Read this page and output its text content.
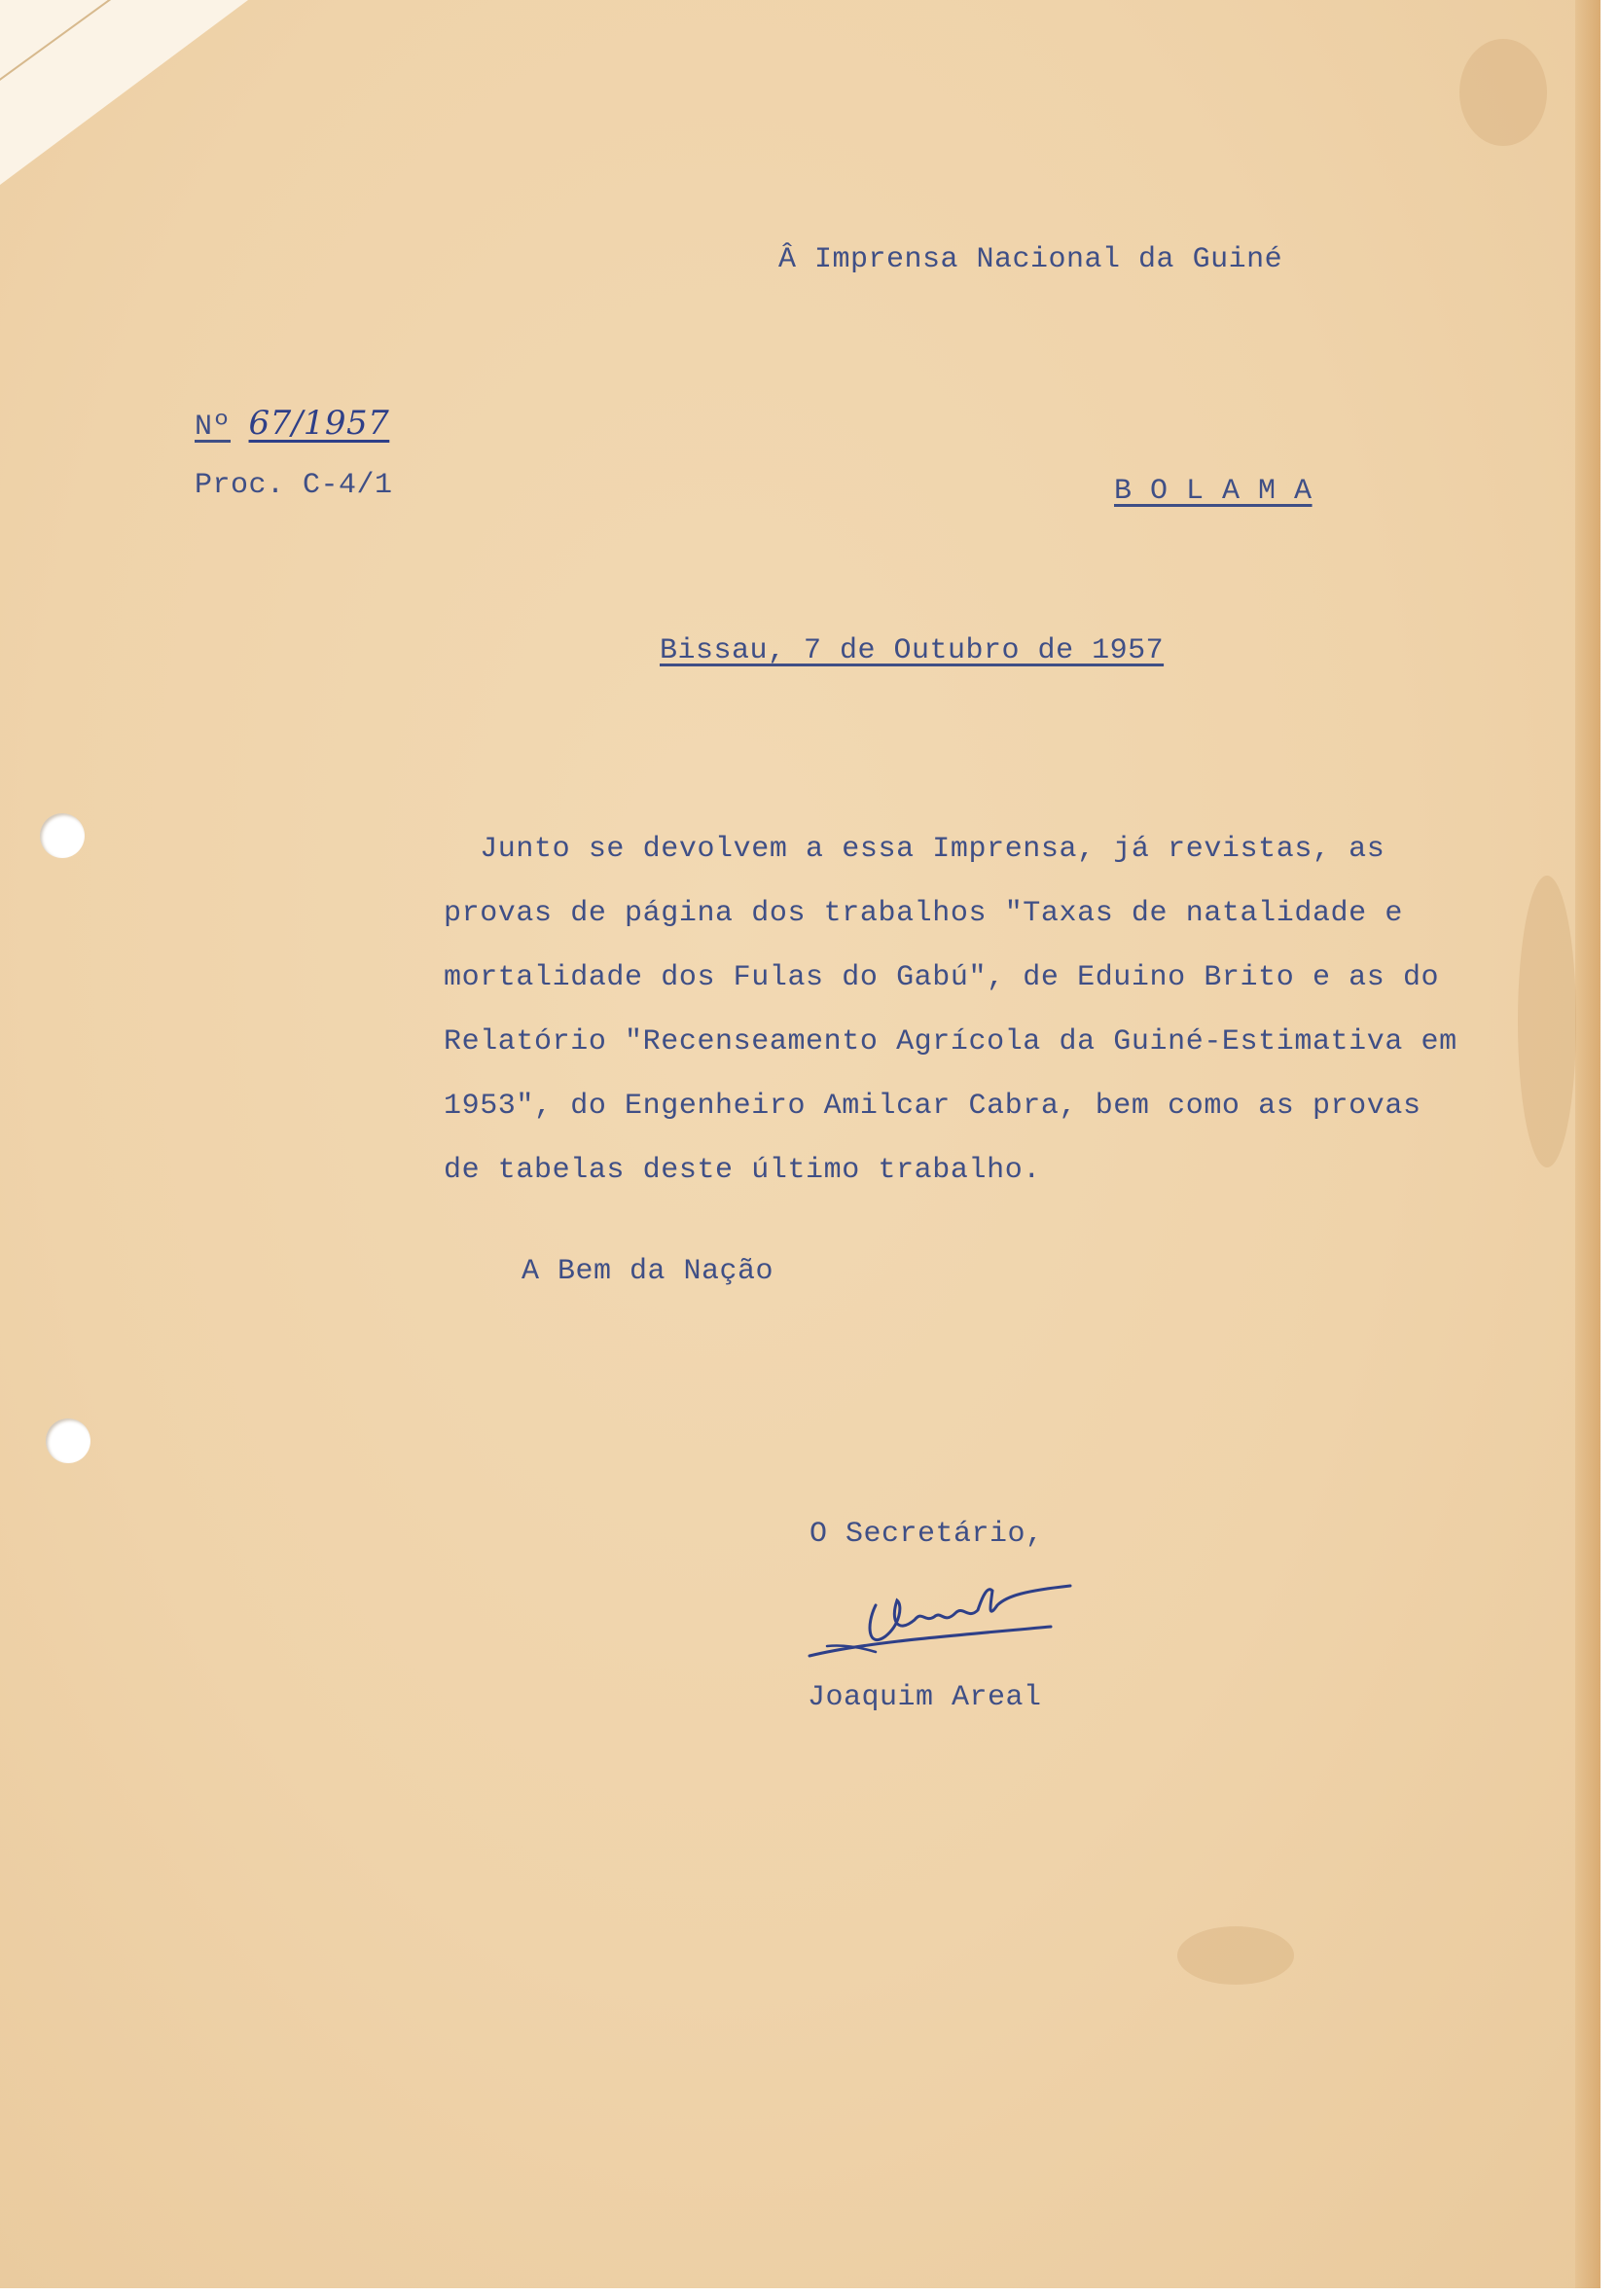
Â Imprensa Nacional da Guiné
Nº 67/1957
Proc. C-4/1	B O L A M A
Bissau, 7 de Outubro de 1957
Junto se devolvem a essa Imprensa, já revistas, as
provas de página dos trabalhos "Taxas de natalidade e
mortalidade dos Fulas do Gabú", de Eduino Brito e as do
Relatório "Recenseamento Agrícola da Guiné-Estimativa em
1953", do Engenheiro Amilcar Cabra, bem como as provas
de tabelas deste último trabalho.
A Bem da Nação
O Secretário,
Joaquim Areal
